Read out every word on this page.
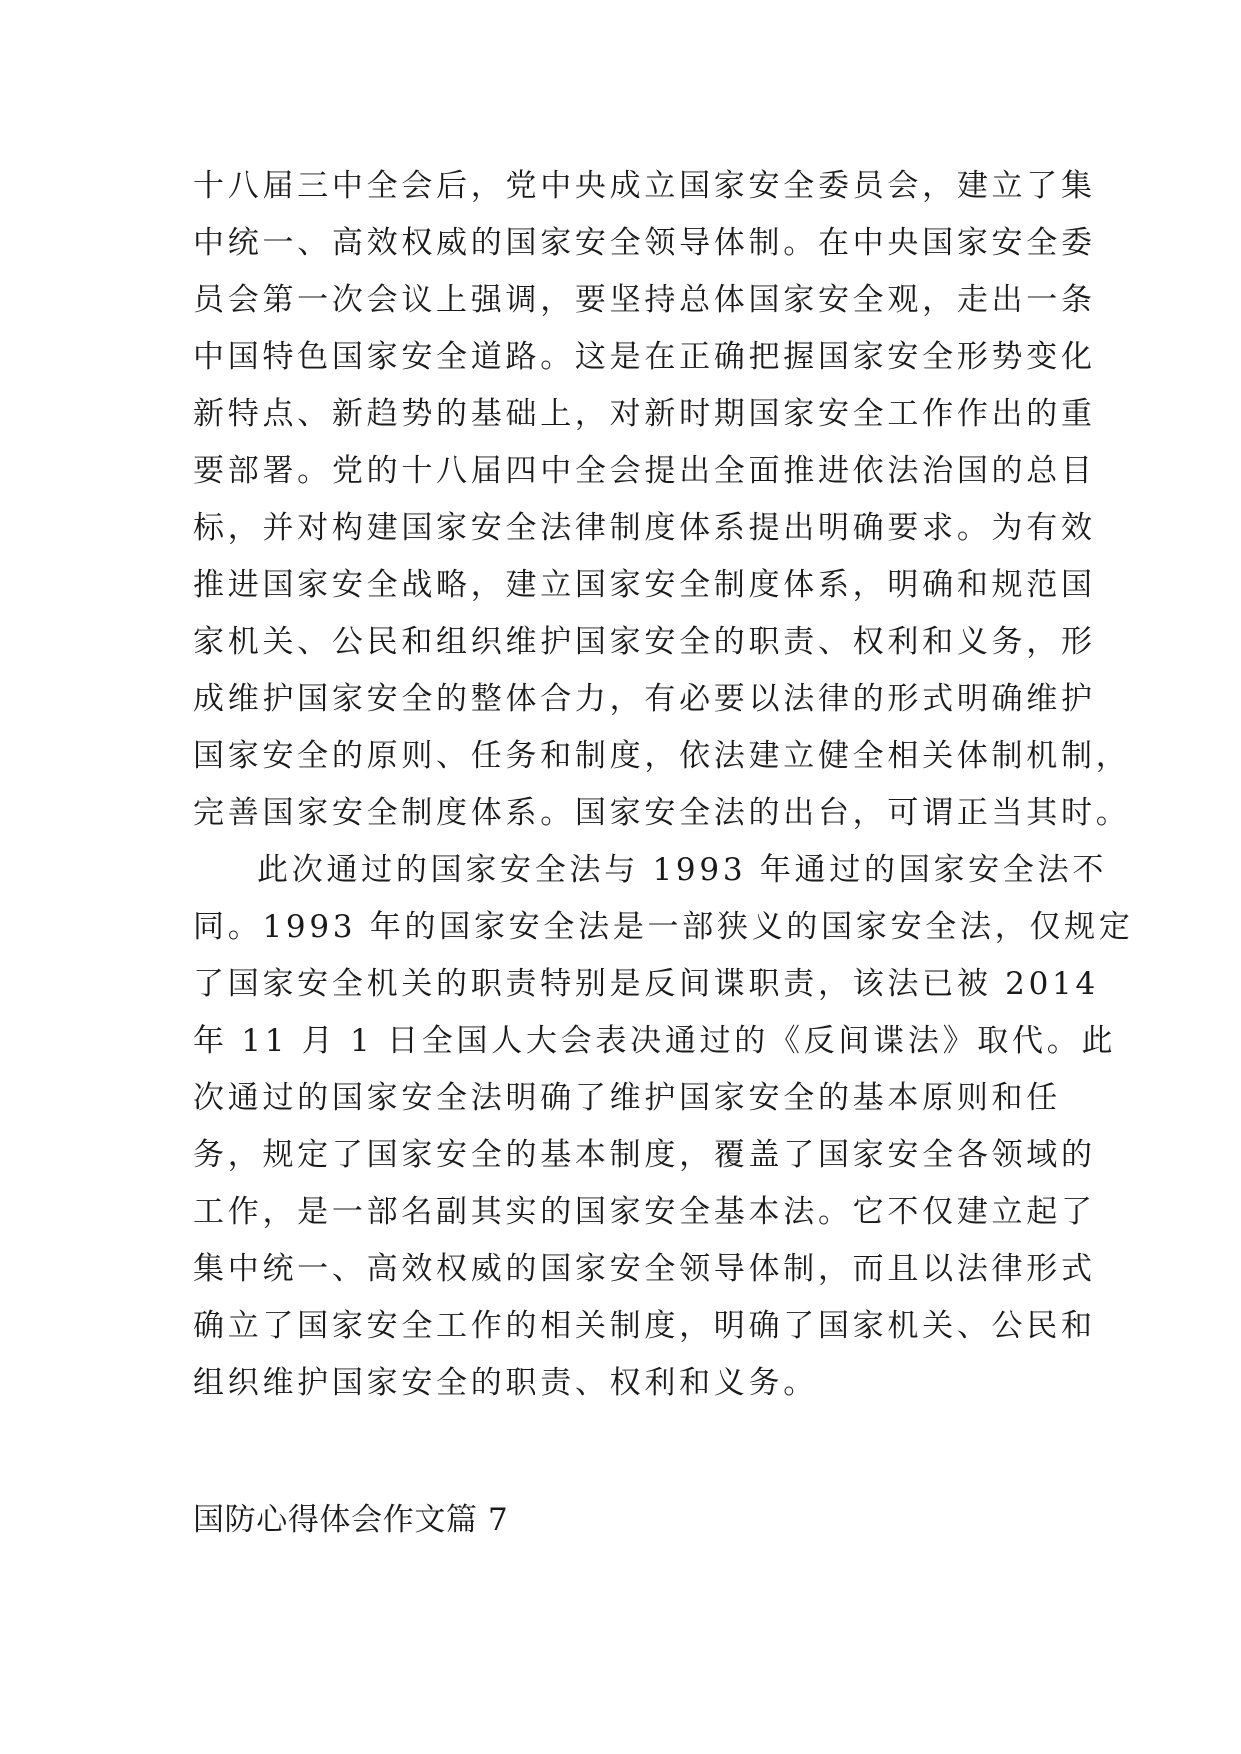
十八届三中全会后，党中央成立国家安全委员会，建立了集
中统一、高效权威的国家安全领导体制。在中央国家安全委
员会第一次会议上强调，要坚持总体国家安全观，走出一条
中国特色国家安全道路。这是在正确把握国家安全形势变化
新特点、新趋势的基础上，对新时期国家安全工作作出的重
要部署。党的十八届四中全会提出全面推进依法治国的总目
标，并对构建国家安全法律制度体系提出明确要求。为有效
推进国家安全战略，建立国家安全制度体系，明确和规范国
家机关、公民和组织维护国家安全的职责、权利和义务，形
成维护国家安全的整体合力，有必要以法律的形式明确维护
国家安全的原则、任务和制度，依法建立健全相关体制机制，
完善国家安全制度体系。国家安全法的出台，可谓正当其时。
此次通过的国家安全法与 1993 年通过的国家安全法不
同。1993 年的国家安全法是一部狭义的国家安全法，仅规定
了国家安全机关的职责特别是反间谍职责，该法已被 2014
年 11 月 1 日全国人大会表决通过的《反间谍法》取代。此
次通过的国家安全法明确了维护国家安全的基本原则和任
务，规定了国家安全的基本制度，覆盖了国家安全各领域的
工作，是一部名副其实的国家安全基本法。它不仅建立起了
集中统一、高效权威的国家安全领导体制，而且以法律形式
确立了国家安全工作的相关制度，明确了国家机关、公民和
组织维护国家安全的职责、权利和义务。
国防心得体会作文篇 7
